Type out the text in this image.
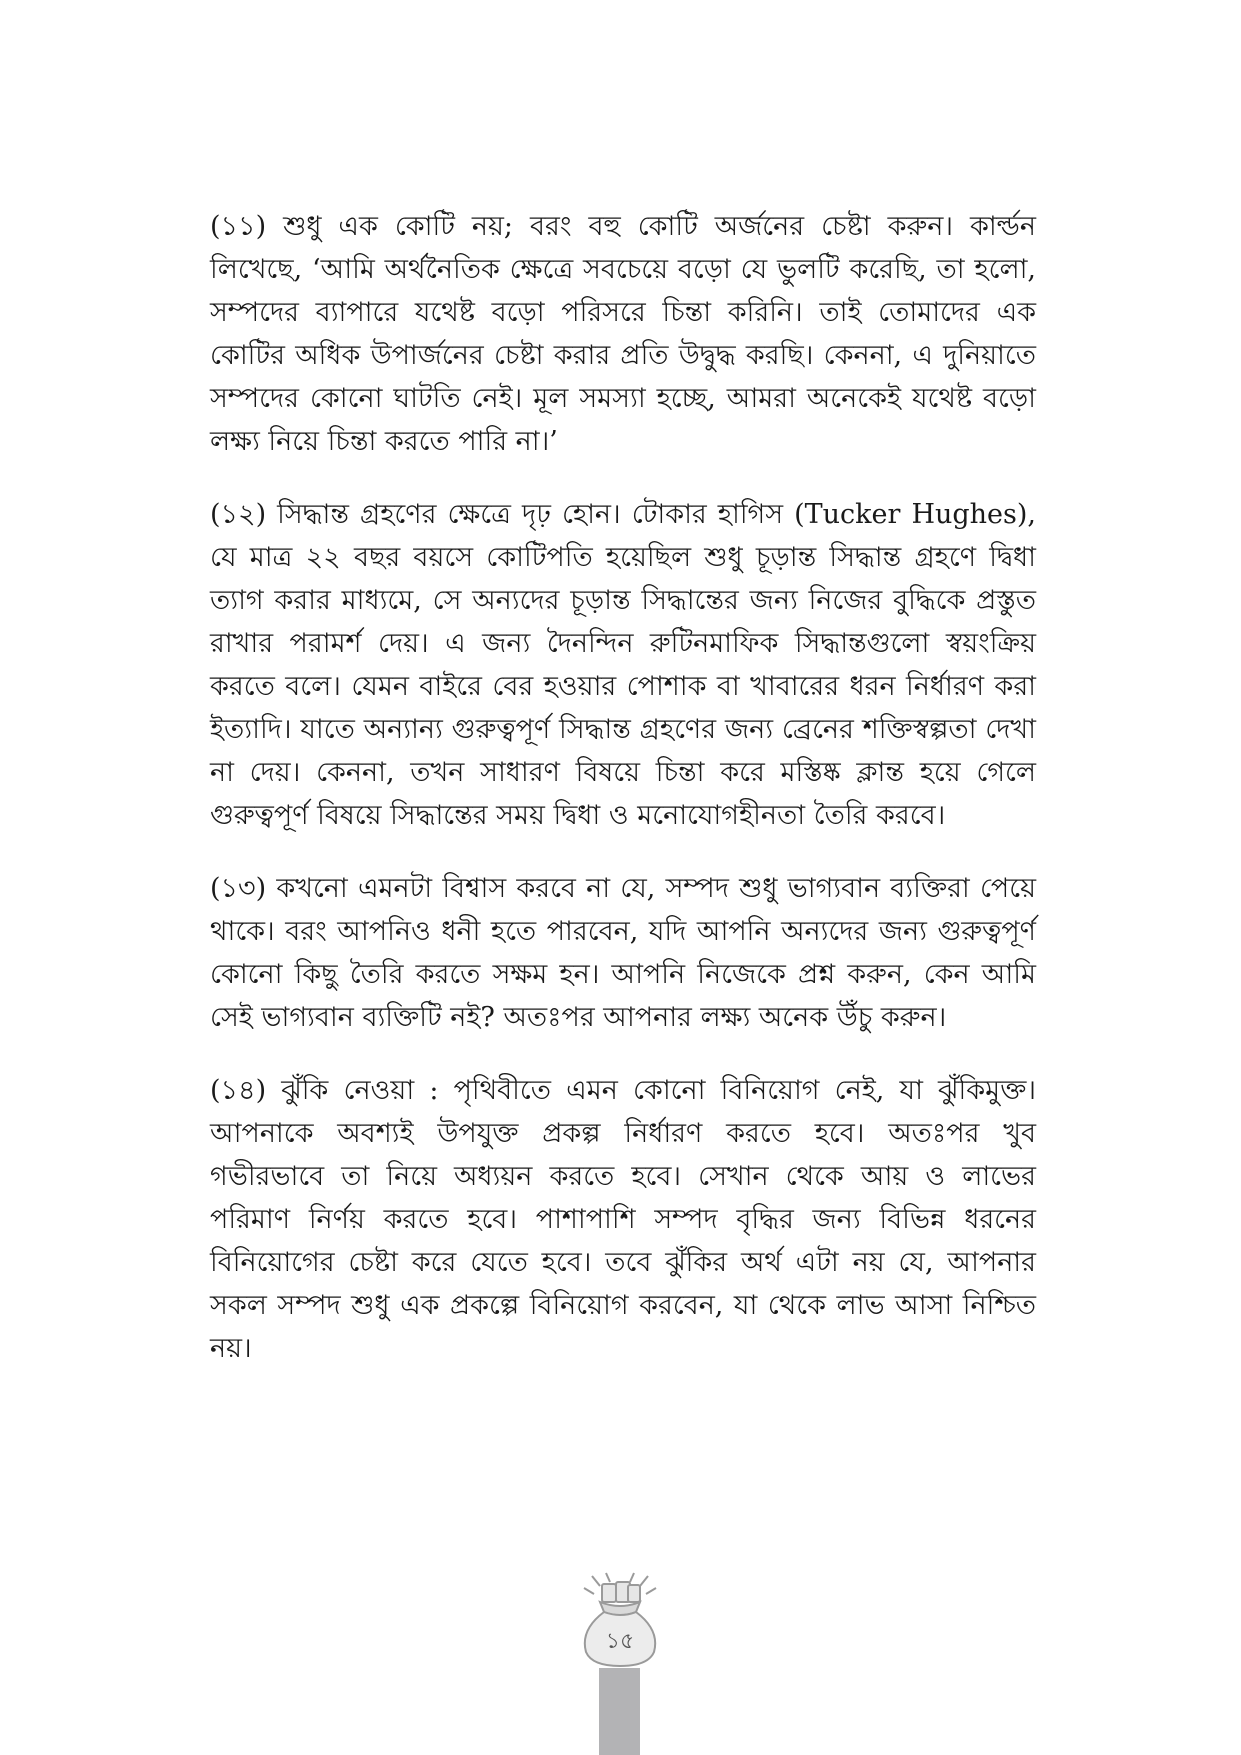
(১১) শুধু এক কোটি নয়; বরং বহু কোটি অর্জনের চেষ্টা করুন। কার্ল্ডন লিখেছে, ‘আমি অর্থনৈতিক ক্ষেত্রে সবচেয়ে বড়ো যে ভুলটি করেছি, তা হলো, সম্পদের ব্যাপারে যথেষ্ট বড়ো পরিসরে চিন্তা করিনি। তাই তোমাদের এক কোটির অধিক উপার্জনের চেষ্টা করার প্রতি উদ্বুদ্ধ করছি। কেননা, এ দুনিয়াতে সম্পদের কোনো ঘাটতি নেই। মূল সমস্যা হচ্ছে, আমরা অনেকেই যথেষ্ট বড়ো লক্ষ্য নিয়ে চিন্তা করতে পারি না।’

(১২) সিদ্ধান্ত গ্রহণের ক্ষেত্রে দৃঢ় হোন। টোকার হাগিস (Tucker Hughes), যে মাত্র ২২ বছর বয়সে কোটিপতি হয়েছিল শুধু চূড়ান্ত সিদ্ধান্ত গ্রহণে দ্বিধা ত্যাগ করার মাধ্যমে, সে অন্যদের চূড়ান্ত সিদ্ধান্তের জন্য নিজের বুদ্ধিকে প্রস্তুত রাখার পরামর্শ দেয়। এ জন্য দৈনন্দিন রুটিনমাফিক সিদ্ধান্তগুলো স্বয়ংক্রিয় করতে বলে। যেমন বাইরে বের হওয়ার পোশাক বা খাবারের ধরন নির্ধারণ করা ইত্যাদি। যাতে অন্যান্য গুরুত্বপূর্ণ সিদ্ধান্ত গ্রহণের জন্য ব্রেনের শক্তিস্বল্পতা দেখা না দেয়। কেননা, তখন সাধারণ বিষয়ে চিন্তা করে মস্তিষ্ক ক্লান্ত হয়ে গেলে গুরুত্বপূর্ণ বিষয়ে সিদ্ধান্তের সময় দ্বিধা ও মনোযোগহীনতা তৈরি করবে।

(১৩) কখনো এমনটা বিশ্বাস করবে না যে, সম্পদ শুধু ভাগ্যবান ব্যক্তিরা পেয়ে থাকে। বরং আপনিও ধনী হতে পারবেন, যদি আপনি অন্যদের জন্য গুরুত্বপূর্ণ কোনো কিছু তৈরি করতে সক্ষম হন। আপনি নিজেকে প্রশ্ন করুন, কেন আমি সেই ভাগ্যবান ব্যক্তিটি নই? অতঃপর আপনার লক্ষ্য অনেক উঁচু করুন।

(১৪) ঝুঁকি নেওয়া : পৃথিবীতে এমন কোনো বিনিয়োগ নেই, যা ঝুঁকিমুক্ত। আপনাকে অবশ্যই উপযুক্ত প্রকল্প নির্ধারণ করতে হবে। অতঃপর খুব গভীরভাবে তা নিয়ে অধ্যয়ন করতে হবে। সেখান থেকে আয় ও লাভের পরিমাণ নির্ণয় করতে হবে। পাশাপাশি সম্পদ বৃদ্ধির জন্য বিভিন্ন ধরনের বিনিয়োগের চেষ্টা করে যেতে হবে। তবে ঝুঁকির অর্থ এটা নয় যে, আপনার সকল সম্পদ শুধু এক প্রকল্পে বিনিয়োগ করবেন, যা থেকে লাভ আসা নিশ্চিত নয়।

১৫
